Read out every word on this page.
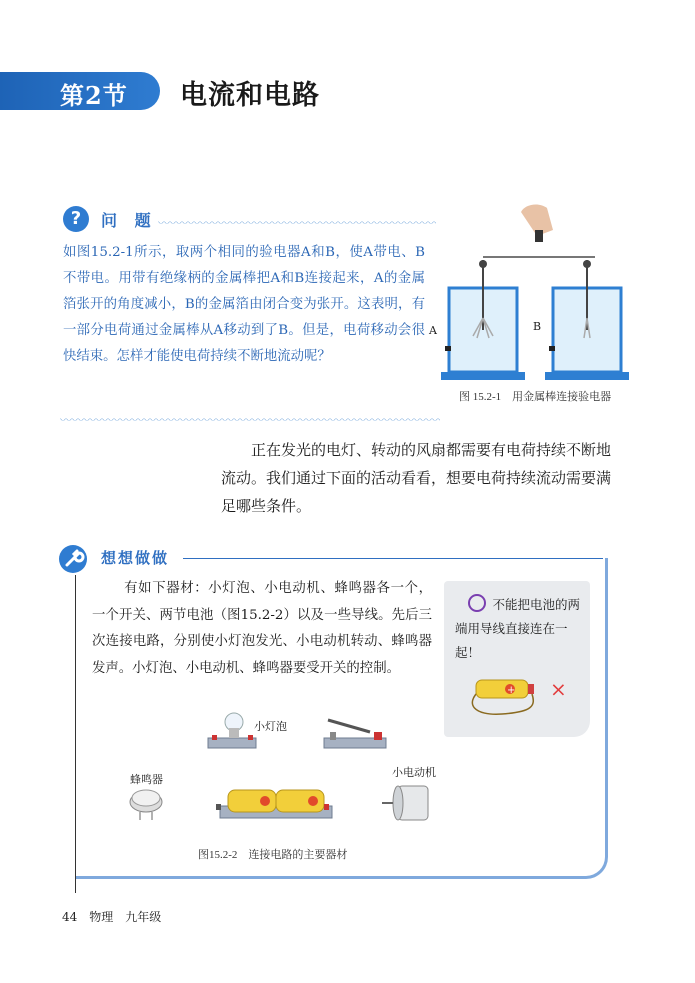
第2节 电流和电路
?	问 题
如图15.2-1所示，取两个相同的验电器A和B，使A带电、B不带电。用带有绝缘柄的金属棒把A和B连接起来，A的金属箔张开的角度减小，B的金属箔由闭合变为张开。这表明，有一部分电荷通过金属棒从A移动到了B。但是，电荷移动会很快结束。怎样才能使电荷持续不断地流动呢？
A	B
图 15.2-1　用金属棒连接验电器
正在发光的电灯、转动的风扇都需要有电荷持续不断地流动。我们通过下面的活动看看，想要电荷持续流动需要满足哪些条件。
想想做做
有如下器材：小灯泡、小电动机、蜂鸣器各一个，一个开关、两节电池（图15.2-2）以及一些导线。先后三次连接电路，分别使小灯泡发光、小电动机转动、蜂鸣器发声。小灯泡、小电动机、蜂鸣器要受开关的控制。
不能把电池的两端用导线直接连在一起！
+ ×
小灯泡
蜂鸣器
小电动机
图15.2-2　连接电路的主要器材
44　物理　九年级
